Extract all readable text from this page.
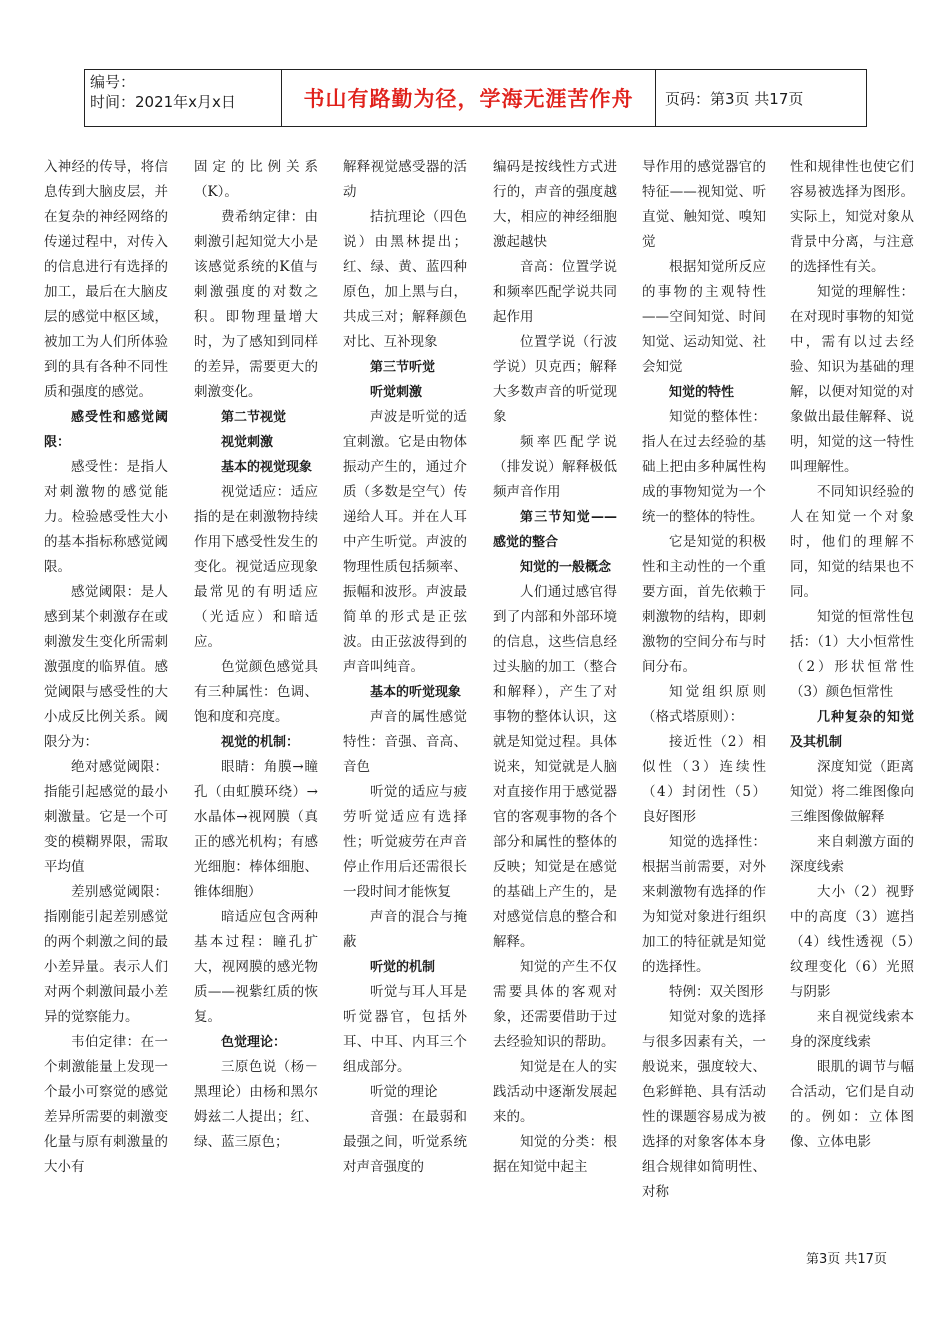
编号：
时间：2021年x月x日	书山有路勤为径，学海无涯苦作舟	页码：第3页 共17页

入神经的传导，将信息传到大脑皮层，并在复杂的神经网络的传递过程中，对传入的信息进行有选择的加工，最后在大脑皮层的感觉中枢区域，被加工为人们所体验到的具有各种不同性质和强度的感觉。

感受性和感觉阈限：

感受性：是指人对刺激物的感觉能力。检验感受性大小的基本指标称感觉阈限。

感觉阈限：是人感到某个刺激存在或刺激发生变化所需刺激强度的临界值。感觉阈限与感受性的大小成反比例关系。阈限分为：

绝对感觉阈限：指能引起感觉的最小刺激量。它是一个可变的模糊界限，需取平均值

差别感觉阈限：指刚能引起差别感觉的两个刺激之间的最小差异量。表示人们对两个刺激间最小差异的觉察能力。

韦伯定律：在一个刺激能量上发现一个最小可察觉的感觉差异所需要的刺激变化量与原有刺激量的大小有

固定的比例关系（K）。

费希纳定律：由刺激引起知觉大小是该感觉系统的K值与刺激强度的对数之积。即物理量增大时，为了感知到同样的差异，需要更大的刺激变化。

第二节视觉

视觉刺激

基本的视觉现象

视觉适应：适应指的是在刺激物持续作用下感受性发生的变化。视觉适应现象最常见的有明适应（光适应）和暗适应。

色觉颜色感觉具有三种属性：色调、饱和度和亮度。

视觉的机制：

眼睛：角膜→瞳孔（由虹膜环绕）→水晶体→视网膜（真正的感光机构；有感光细胞：棒体细胞、锥体细胞）

暗适应包含两种基本过程：瞳孔扩大，视网膜的感光物质——视紫红质的恢复。

色觉理论：

三原色说（杨－黑理论）由杨和黑尔姆兹二人提出；红、绿、蓝三原色；

解释视觉感受器的活动

拮抗理论（四色说）由黑林提出；红、绿、黄、蓝四种原色，加上黑与白，共成三对；解释颜色对比、互补现象

第三节听觉

听觉刺激

声波是听觉的适宜刺激。它是由物体振动产生的，通过介质（多数是空气）传递给人耳。并在人耳中产生听觉。声波的物理性质包括频率、振幅和波形。声波最简单的形式是正弦波。由正弦波得到的声音叫纯音。

基本的听觉现象

声音的属性感觉特性：音强、音高、音色

听觉的适应与疲劳听觉适应有选择性；听觉疲劳在声音停止作用后还需很长一段时间才能恢复

声音的混合与掩蔽

听觉的机制

听觉与耳人耳是听觉器官，包括外耳、中耳、内耳三个组成部分。

听觉的理论

音强：在最弱和最强之间，听觉系统对声音强度的

编码是按线性方式进行的，声音的强度越大，相应的神经细胞激起越快

音高：位置学说和频率匹配学说共同起作用

位置学说（行波学说）贝克西；解释大多数声音的听觉现象

频率匹配学说（排发说）解释极低频声音作用

第三节知觉——感觉的整合

知觉的一般概念

人们通过感官得到了内部和外部环境的信息，这些信息经过头脑的加工（整合和解释），产生了对事物的整体认识，这就是知觉过程。具体说来，知觉就是人脑对直接作用于感觉器官的客观事物的各个部分和属性的整体的反映；知觉是在感觉的基础上产生的，是对感觉信息的整合和解释。

知觉的产生不仅需要具体的客观对象，还需要借助于过去经验知识的帮助。

知觉是在人的实践活动中逐渐发展起来的。

知觉的分类：根据在知觉中起主

导作用的感觉器官的特征——视知觉、听直觉、触知觉、嗅知觉

根据知觉所反应的事物的主观特性——空间知觉、时间知觉、运动知觉、社会知觉

知觉的特性

知觉的整体性：指人在过去经验的基础上把由多种属性构成的事物知觉为一个统一的整体的特性。

它是知觉的积极性和主动性的一个重要方面，首先依赖于刺激物的结构，即刺激物的空间分布与时间分布。

知觉组织原则（格式塔原则）：

接近性（2）相似性（3）连续性（4）封闭性（5）良好图形

知觉的选择性：根据当前需要，对外来刺激物有选择的作为知觉对象进行组织加工的特征就是知觉的选择性。

特例：双关图形

知觉对象的选择与很多因素有关，一般说来，强度较大、色彩鲜艳、具有活动性的课题容易成为被选择的对象客体本身组合规律如简明性、对称

性和规律性也使它们容易被选择为图形。实际上，知觉对象从背景中分离，与注意的选择性有关。

知觉的理解性：在对现时事物的知觉中，需有以过去经验、知识为基础的理解，以便对知觉的对象做出最佳解释、说明，知觉的这一特性叫理解性。

不同知识经验的人在知觉一个对象时，他们的理解不同，知觉的结果也不同。

知觉的恒常性包括：（1）大小恒常性（2）形状恒常性（3）颜色恒常性

几种复杂的知觉及其机制

深度知觉（距离知觉）将二维图像向三维图像做解释

来自刺激方面的深度线索

大小（2）视野中的高度（3）遮挡（4）线性透视（5）纹理变化（6）光照与阴影

来自视觉线索本身的深度线索

眼肌的调节与幅合活动，它们是自动的。例如：立体图像、立体电影

第3页 共17页
